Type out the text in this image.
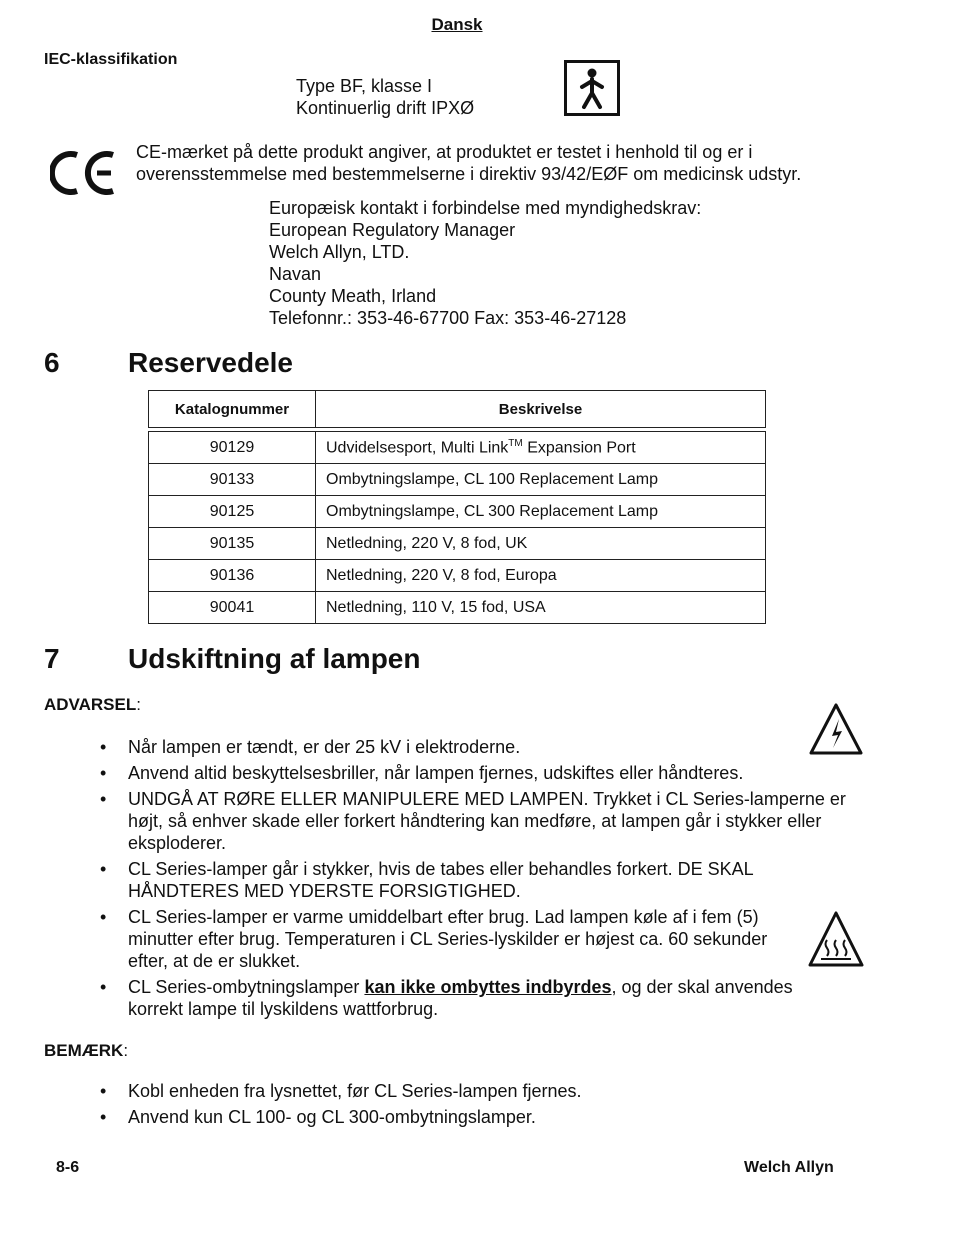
Dansk
IEC-klassifikation
Type BF, klasse I
Kontinuerlig drift IPXØ
CE-mærket på dette produkt angiver, at produktet er testet i henhold til og er i
overensstemmelse med bestemmelserne i direktiv 93/42/EØF om medicinsk udstyr.
Europæisk kontakt i forbindelse med myndighedskrav:
European Regulatory Manager
Welch Allyn, LTD.
Navan
County Meath, Irland
Telefonnr.: 353-46-67700 Fax: 353-46-27128
6 Reservedele
Katalognummer	Beskrivelse

90129	Udvidelsesport, Multi Link™ Expansion Port
90133	Ombytningslampe, CL 100 Replacement Lamp
90125	Ombytningslampe, CL 300 Replacement Lamp
90135	Netledning, 220 V, 8 fod, UK
90136	Netledning, 220 V, 8 fod, Europa
90041	Netledning, 110 V, 15 fod, USA
7 Udskiftning af lampen
ADVARSEL:
• Når lampen er tændt, er der 25 kV i elektroderne.
• Anvend altid beskyttelsesbriller, når lampen fjernes, udskiftes eller håndteres.
• UNDGÅ AT RØRE ELLER MANIPULERE MED LAMPEN. Trykket i CL Series-lamperne er højt, så enhver skade eller forkert håndtering kan medføre, at lampen går i stykker eller eksploderer.
• CL Series-lamper går i stykker, hvis de tabes eller behandles forkert. DE SKAL HÅNDTERES MED YDERSTE FORSIGTIGHED.
• CL Series-lamper er varme umiddelbart efter brug. Lad lampen køle af i fem (5) minutter efter brug. Temperaturen i CL Series-lyskilder er højest ca. 60 sekunder efter, at de er slukket.
• CL Series-ombytningslamper kan ikke ombyttes indbyrdes, og der skal anvendes korrekt lampe til lyskildens wattforbrug.
BEMÆRK:
• Kobl enheden fra lysnettet, før CL Series-lampen fjernes.
• Anvend kun CL 100- og CL 300-ombytningslamper.
8-6	Welch Allyn
